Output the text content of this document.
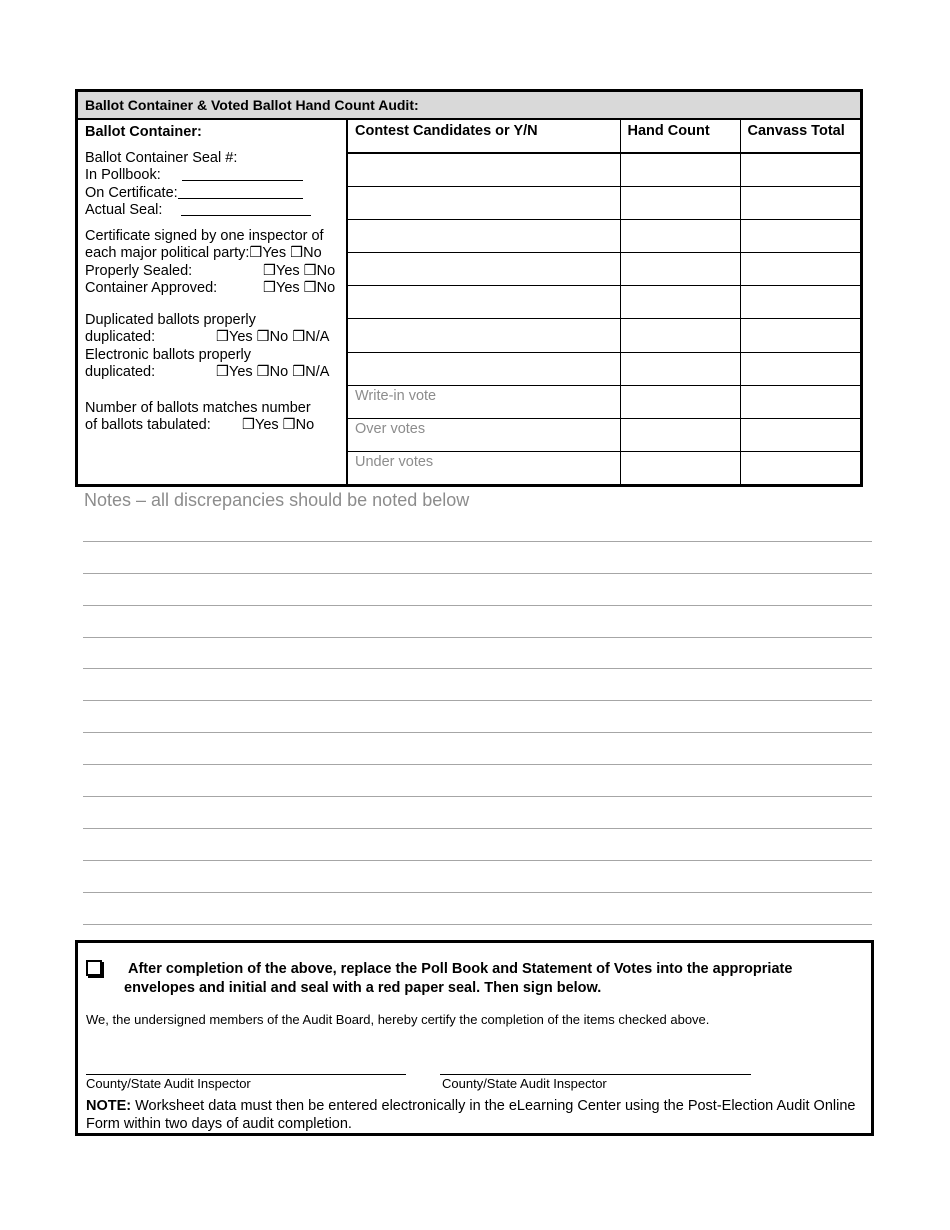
Ballot Container & Voted Ballot Hand Count Audit:
Ballot Container:
Ballot Container Seal #:
In Pollbook:
On Certificate:
Actual Seal:
Certificate signed by one inspector of
each major political party: ❒Yes ❒No
Properly Sealed:	❒Yes ❒No
Container Approved:	❒Yes ❒No
Duplicated ballots properly
duplicated:	❒Yes ❒No ❒N/A
Electronic ballots properly
duplicated:	❒Yes ❒No ❒N/A
Number of ballots matches number
of ballots tabulated:	❒Yes ❒No
Contest Candidates or Y/N	Hand Count	Canvass Total

Write-in vote		
Over votes		
Under votes		
Notes – all discrepancies should be noted below
After completion of the above, replace the Poll Book and Statement of Votes into the appropriate
envelopes and initial and seal with a red paper seal. Then sign below.
We, the undersigned members of the Audit Board, hereby certify the completion of the items checked above.
County/State Audit Inspector	County/State Audit Inspector
NOTE: Worksheet data must then be entered electronically in the eLearning Center using the Post-Election Audit Online Form within two days of audit completion.
